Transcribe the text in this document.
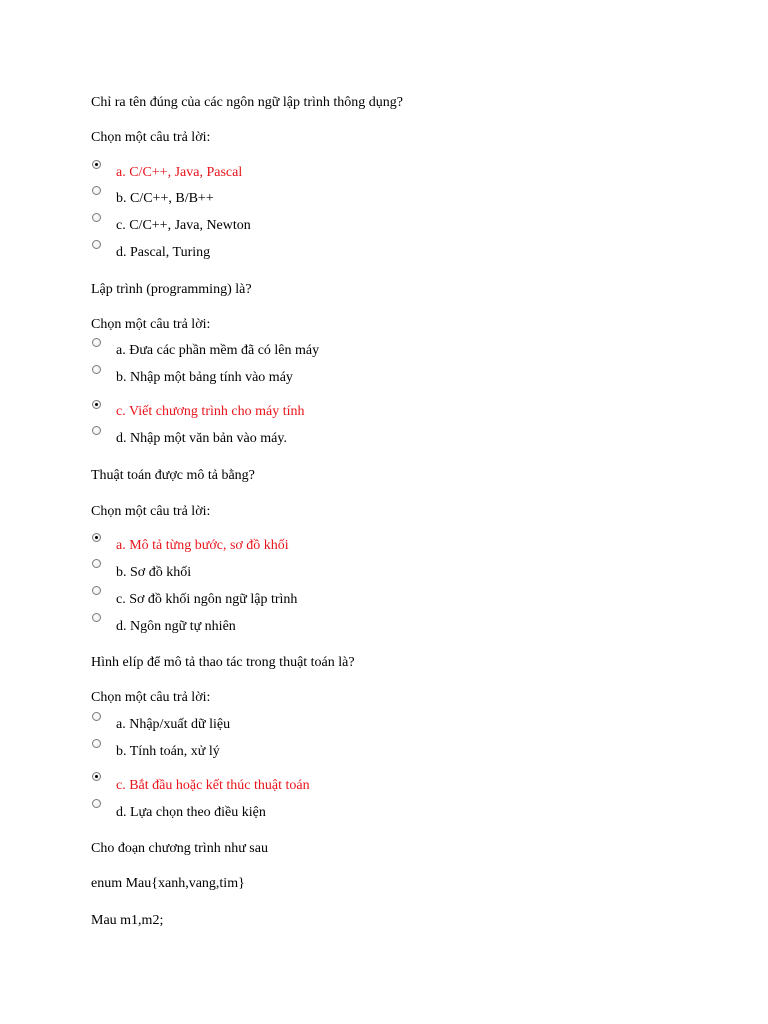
Chỉ ra tên đúng của các ngôn ngữ lập trình thông dụng?
Chọn một câu trả lời:
a. C/C++, Java, Pascal
b. C/C++, B/B++
c. C/C++, Java, Newton
d. Pascal, Turing
Lập trình (programming) là?
Chọn một câu trả lời:
a. Đưa các phần mềm đã có lên máy
b. Nhập một bảng tính vào máy
c. Viết chương trình cho máy tính
d. Nhập một văn bản vào máy.
Thuật toán được mô tả bằng?
Chọn một câu trả lời:
a. Mô tả từng bước, sơ đồ khối
b. Sơ đồ khối
c. Sơ đồ khối ngôn ngữ lập trình
d. Ngôn ngữ tự nhiên
Hình elíp để mô tả thao tác trong thuật toán là?
Chọn một câu trả lời:
a. Nhập/xuất dữ liệu
b. Tính toán, xử lý
c. Bắt đầu hoặc kết thúc thuật toán
d. Lựa chọn theo điều kiện
Cho đoạn chương trình như sau
enum Mau{xanh,vang,tim}
Mau m1,m2;
